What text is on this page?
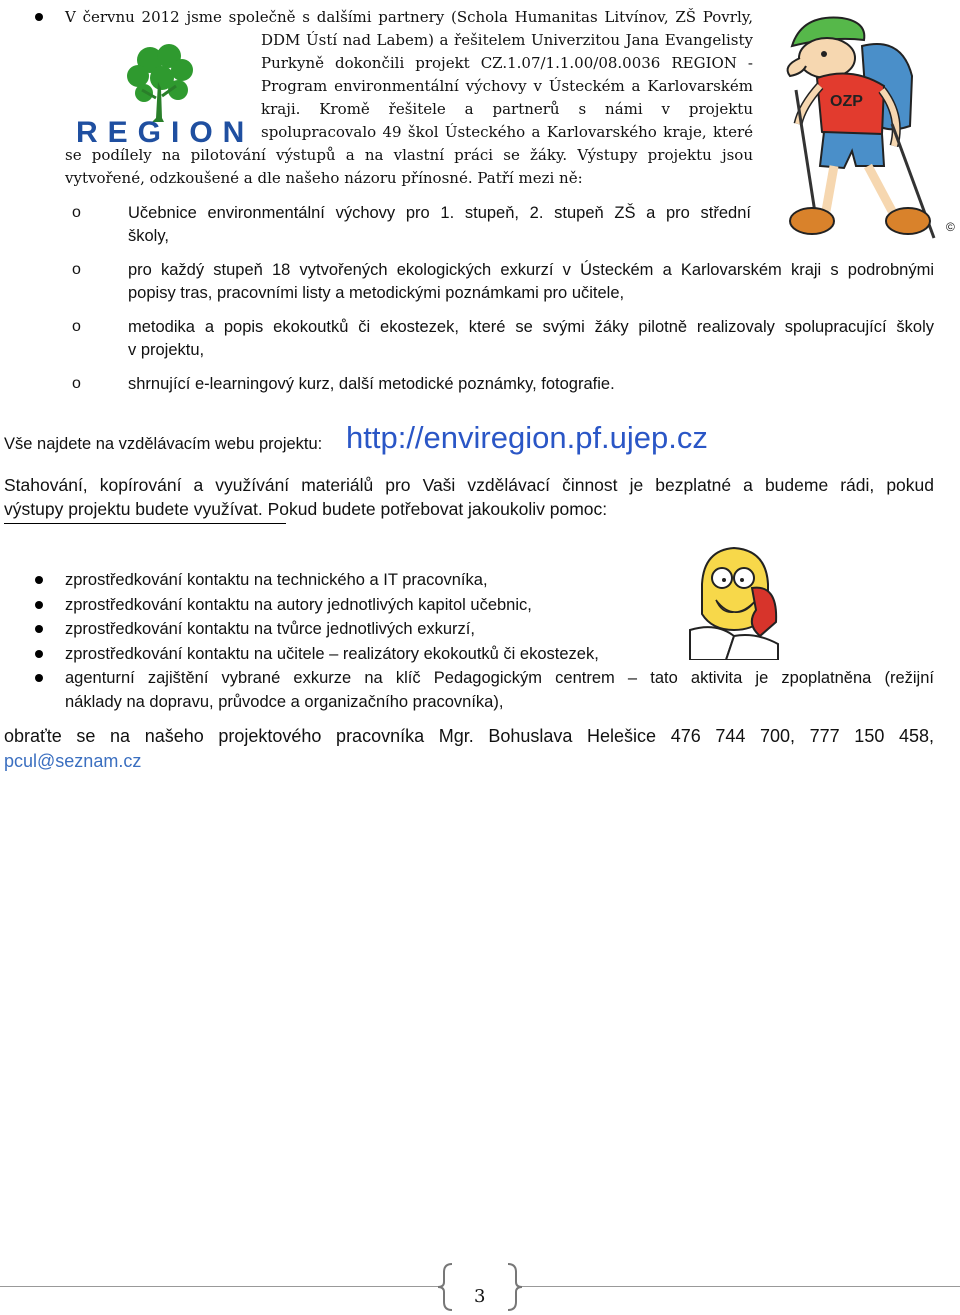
V červnu 2012 jsme společně s dalšími partnery (Schola Humanitas Litvínov, ZŠ Povrly,
DDM Ústí nad Labem) a řešitelem Univerzitou Jana Evangelisty
Purkyně dokončili projekt CZ.1.07/1.1.00/08.0036 REGION -
Program environmentální výchovy v Ústeckém a Karlovarském
kraji. Kromě řešitele a partnerů s námi v projektu
spolupracovalo 49 škol Ústeckého a Karlovarského kraje, které
se podílely na pilotování výstupů a na vlastní práci se žáky. Výstupy projektu jsou
vytvořené, odzkoušené a dle našeho názoru přínosné. Patří mezi ně:
REGION
OZP
©
o	Učebnice environmentální výchovy pro 1. stupeň, 2. stupeň ZŠ a pro střední
školy,
o	pro každý stupeň 18 vytvořených ekologických exkurzí v Ústeckém a Karlovarském kraji s podrobnými
popisy tras, pracovními listy a metodickými poznámkami pro učitele,
o	metodika a popis ekokoutků či ekostezek, které se svými žáky pilotně realizovaly spolupracující školy
v projektu,
o	shrnující e-learningový kurz, další metodické poznámky, fotografie.
Vše najdete na vzdělávacím webu projektu: http://enviregion.pf.ujep.cz
Stahování, kopírování a využívání materiálů pro Vaši vzdělávací činnost je bezplatné a budeme rádi, pokud
výstupy projektu budete využívat. Pokud budete potřebovat jakoukoliv pomoc:
zprostředkování kontaktu na technického a IT pracovníka,
zprostředkování kontaktu na autory jednotlivých kapitol učebnic,
zprostředkování kontaktu na tvůrce jednotlivých exkurzí,
zprostředkování kontaktu na učitele – realizátory ekokoutků či ekostezek,
agenturní zajištění vybrané exkurze na klíč Pedagogickým centrem – tato aktivita je zpoplatněna (režijní
náklady na dopravu, průvodce a organizačního pracovníka),
obraťte se na našeho projektového pracovníka Mgr. Bohuslava Helešice 476 744 700, 777 150 458,
pcul@seznam.cz
3
